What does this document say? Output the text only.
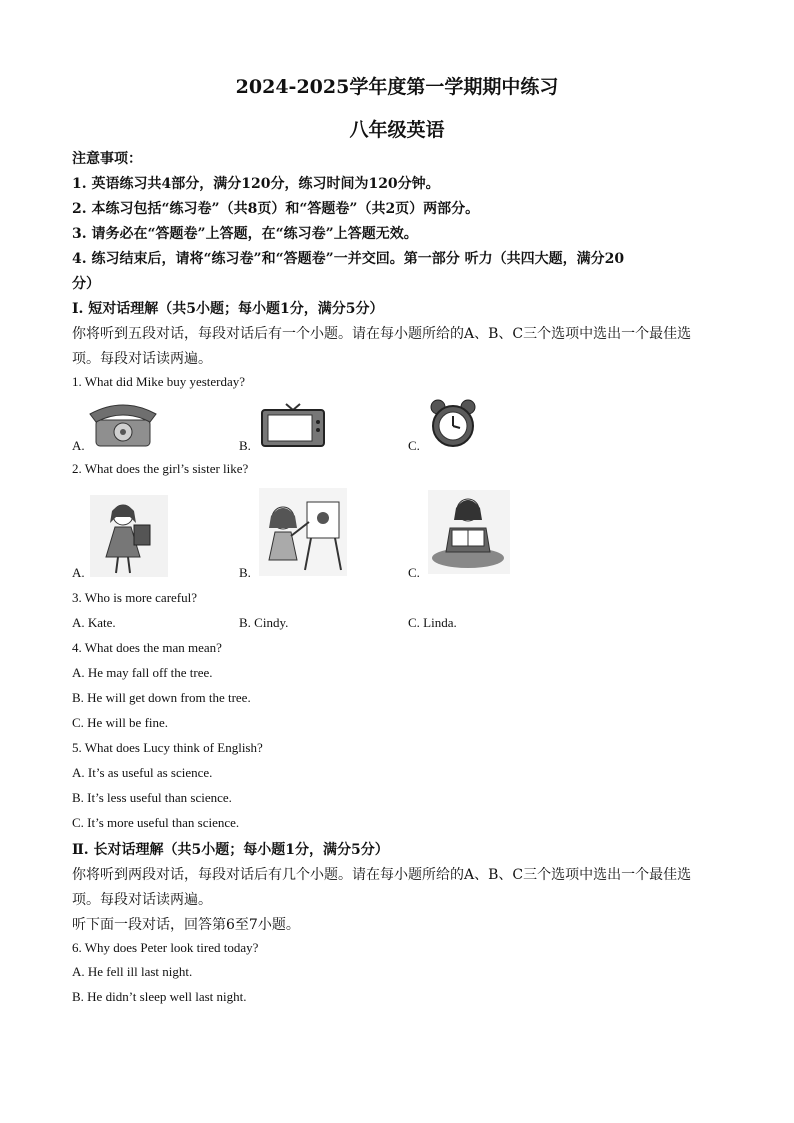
2024-2025学年度第一学期期中练习
八年级英语
注意事项：
1. 英语练习共4部分，满分120分，练习时间为120分钟。
2. 本练习包括“练习卷”（共8页）和“答题卷”（共2页）两部分。
3. 请务必在“答题卷”上答题，在“练习卷”上答题无效。
4. 练习结束后，请将“练习卷”和“答题卷”一并交回。第一部分 听力（共四大题，满分20
分）
Ⅰ. 短对话理解（共5小题；每小题1分，满分5分）
你将听到五段对话，每段对话后有一个小题。请在每小题所给的A、B、C三个选项中选出一个最佳选
项。每段对话读两遍。
1. What did Mike buy yesterday?
A.	B.	C.
2. What does the girl’s sister like?
A.	B.	C.
3. Who is more careful?
A. Kate.	B. Cindy.	C. Linda.
4. What does the man mean?
A. He may fall off the tree.
B. He will get down from the tree.
C. He will be fine.
5. What does Lucy think of English?
A. It’s as useful as science.
B. It’s less useful than science.
C. It’s more useful than science.
Ⅱ. 长对话理解（共5小题；每小题1分，满分5分）
你将听到两段对话，每段对话后有几个小题。请在每小题所给的A、B、C三个选项中选出一个最佳选
项。每段对话读两遍。
听下面一段对话，回答第6至7小题。
6. Why does Peter look tired today?
A. He fell ill last night.
B. He didn’t sleep well last night.
